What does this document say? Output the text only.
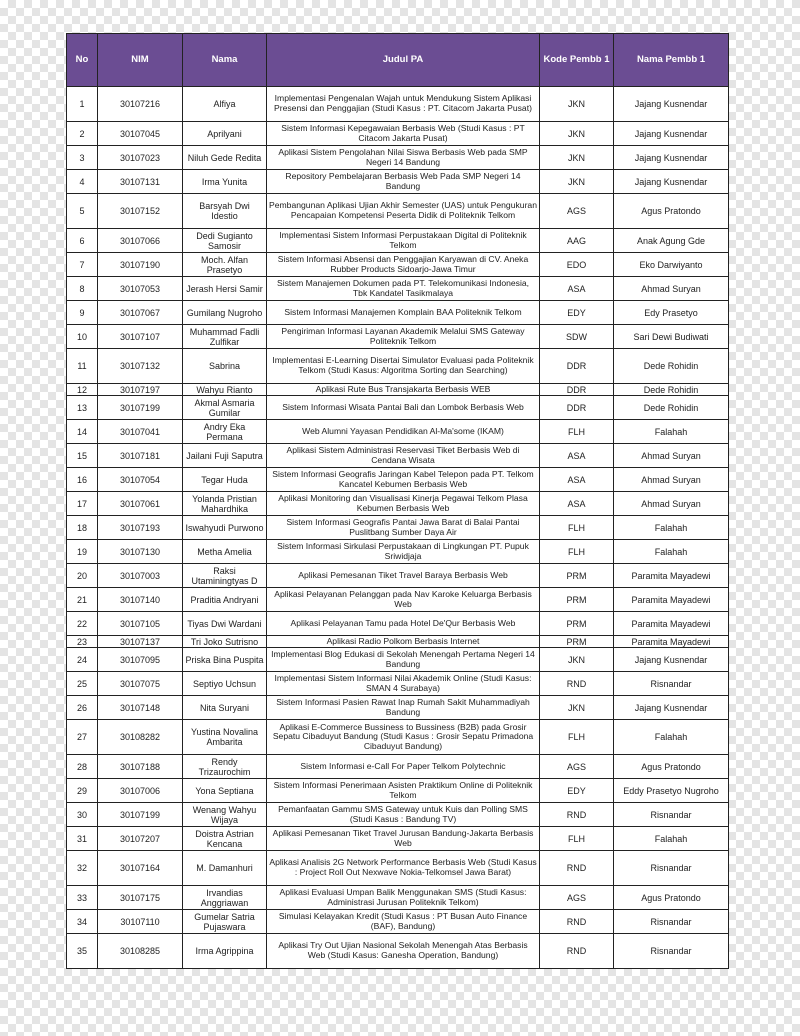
No	NIM	Nama	Judul PA	Kode Pembb 1	Nama Pembb 1
1	30107216	Alfiya	Implementasi Pengenalan Wajah untuk Mendukung Sistem Aplikasi Presensi dan Penggajian (Studi Kasus : PT. Citacom Jakarta Pusat)	JKN	Jajang Kusnendar
2	30107045	Aprilyani	Sistem Informasi Kepegawaian Berbasis Web (Studi Kasus : PT Citacom Jakarta Pusat)	JKN	Jajang Kusnendar
3	30107023	Niluh Gede Redita	Aplikasi Sistem Pengolahan Nilai Siswa Berbasis Web pada SMP Negeri 14 Bandung	JKN	Jajang Kusnendar
4	30107131	Irma Yunita	Repository Pembelajaran Berbasis Web Pada SMP Negeri 14 Bandung	JKN	Jajang Kusnendar
5	30107152	Barsyah Dwi Idestio	Pembangunan Aplikasi Ujian Akhir Semester (UAS) untuk Pengukuran Pencapaian Kompetensi Peserta Didik di Politeknik Telkom	AGS	Agus Pratondo
6	30107066	Dedi Sugianto Samosir	Implementasi Sistem Informasi Perpustakaan Digital di Politeknik Telkom	AAG	Anak Agung Gde
7	30107190	Moch. Alfan Prasetyo	Sistem Informasi Absensi dan Penggajian Karyawan di CV. Aneka Rubber Products Sidoarjo-Jawa Timur	EDO	Eko Darwiyanto
8	30107053	Jerash Hersi Samir	Sistem Manajemen Dokumen pada PT. Telekomunikasi Indonesia, Tbk Kandatel Tasikmalaya	ASA	Ahmad Suryan
9	30107067	Gumilang Nugroho	Sistem Informasi Manajemen Komplain BAA Politeknik Telkom	EDY	Edy Prasetyo
10	30107107	Muhammad Fadli Zulfikar	Pengiriman Informasi Layanan Akademik Melalui SMS Gateway Politeknik Telkom	SDW	Sari Dewi Budiwati
11	30107132	Sabrina	Implementasi E-Learning Disertai Simulator Evaluasi pada Politeknik Telkom (Studi Kasus: Algoritma Sorting dan Searching)	DDR	Dede Rohidin
12	30107197	Wahyu Rianto	Aplikasi Rute Bus Transjakarta Berbasis WEB	DDR	Dede Rohidin
13	30107199	Akmal Asmaria Gumilar	Sistem Informasi Wisata Pantai Bali dan Lombok Berbasis Web	DDR	Dede Rohidin
14	30107041	Andry Eka Permana	Web Alumni Yayasan Pendidikan Al-Ma'some (IKAM)	FLH	Falahah
15	30107181	Jailani Fuji Saputra	Aplikasi Sistem Administrasi Reservasi Tiket Berbasis Web di Cendana Wisata	ASA	Ahmad Suryan
16	30107054	Tegar Huda	Sistem Informasi Geografis Jaringan Kabel Telepon pada PT. Telkom Kancatel Kebumen Berbasis Web	ASA	Ahmad Suryan
17	30107061	Yolanda Pristian Mahardhika	Aplikasi Monitoring dan Visualisasi Kinerja Pegawai Telkom Plasa Kebumen Berbasis Web	ASA	Ahmad Suryan
18	30107193	Iswahyudi Purwono	Sistem Informasi Geografis Pantai Jawa Barat di Balai Pantai Puslitbang Sumber Daya Air	FLH	Falahah
19	30107130	Metha Amelia	Sistem Informasi Sirkulasi Perpustakaan di Lingkungan PT. Pupuk Sriwidjaja	FLH	Falahah
20	30107003	Raksi Utaminingtyas D	Aplikasi Pemesanan Tiket Travel Baraya Berbasis Web	PRM	Paramita Mayadewi
21	30107140	Praditia Andryani	Aplikasi Pelayanan Pelanggan pada Nav Karoke Keluarga Berbasis Web	PRM	Paramita Mayadewi
22	30107105	Tiyas Dwi Wardani	Aplikasi Pelayanan Tamu pada Hotel De'Qur Berbasis Web	PRM	Paramita Mayadewi
23	30107137	Tri Joko Sutrisno	Aplikasi Radio Polkom Berbasis Internet	PRM	Paramita Mayadewi
24	30107095	Priska Bina Puspita	Implementasi Blog Edukasi di Sekolah Menengah Pertama Negeri 14 Bandung	JKN	Jajang Kusnendar
25	30107075	Septiyo Uchsun	Implementasi Sistem Informasi Nilai Akademik Online (Studi Kasus: SMAN 4 Surabaya)	RND	Risnandar
26	30107148	Nita Suryani	Sistem Informasi Pasien Rawat Inap Rumah Sakit Muhammadiyah Bandung	JKN	Jajang Kusnendar
27	30108282	Yustina Novalina Ambarita	Aplikasi E-Commerce Bussiness to Bussiness (B2B) pada Grosir Sepatu Cibaduyut Bandung (Studi Kasus : Grosir Sepatu Primadona Cibaduyut Bandung)	FLH	Falahah
28	30107188	Rendy Trizaurochim	Sistem Informasi e-Call For Paper Telkom Polytechnic	AGS	Agus Pratondo
29	30107006	Yona Septiana	Sistem Informasi Penerimaan Asisten Praktikum Online di Politeknik Telkom	EDY	Eddy Prasetyo Nugroho
30	30107199	Wenang Wahyu Wijaya	Pemanfaatan Gammu SMS Gateway untuk Kuis dan Polling SMS (Studi Kasus : Bandung TV)	RND	Risnandar
31	30107207	Doistra Astrian Kencana	Aplikasi Pemesanan Tiket Travel Jurusan Bandung-Jakarta Berbasis Web	FLH	Falahah
32	30107164	M. Damanhuri	Aplikasi Analisis 2G Network Performance Berbasis Web (Studi Kasus : Project Roll Out Nexwave Nokia-Telkomsel Jawa Barat)	RND	Risnandar
33	30107175	Irvandias Anggriawan	Aplikasi Evaluasi Umpan Balik Menggunakan SMS (Studi Kasus: Administrasi Jurusan Politeknik Telkom)	AGS	Agus Pratondo
34	30107110	Gumelar Satria Pujaswara	Simulasi Kelayakan Kredit (Studi Kasus : PT Busan Auto Finance (BAF), Bandung)	RND	Risnandar
35	30108285	Irma Agrippina	Aplikasi Try Out Ujian Nasional Sekolah Menengah Atas Berbasis Web (Studi Kasus: Ganesha Operation, Bandung)	RND	Risnandar
